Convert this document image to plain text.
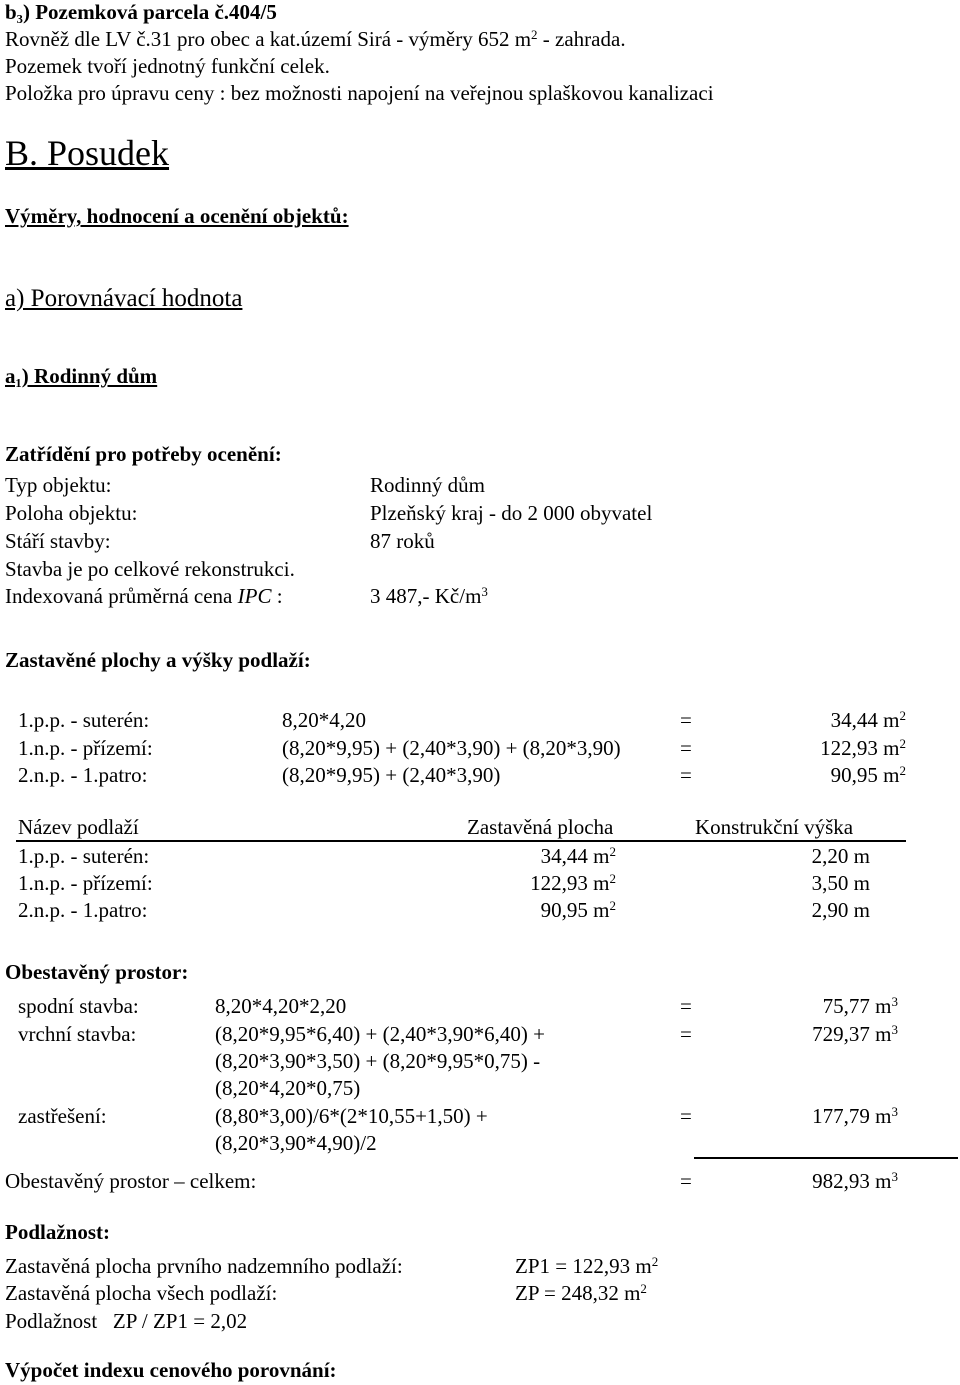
b₃) Pozemková parcela č.404/5
Rovněž dle LV č.31 pro obec a kat.území Sirá - výměry 652 $m^2$ - zahrada.
Pozemek tvoří jednotný funkční celek.
Položka pro úpravu ceny : bez možnosti napojení na veřejnou splaškovou kanalizaci
B. Posudek
Výměry, hodnocení a ocenění objektů:
a) Porovnávací hodnota
a₁) Rodinný dům
Zatřídění pro potřeby ocenění:
Typ objektu:	Rodinný dům
Poloha objektu:	Plzeňský kraj - do 2 000 obyvatel
Stáří stavby:	87 roků
Stavba je po celkové rekonstrukci.
Indexovaná průměrná cena IPC :	3 487,- $Kč/m^3$
Zastavěné plochy a výšky podlaží:
1.p.p. - suterén:	8,20*4,20	=	34,44 $m^2$
1.n.p. - přízemí:	(8,20*9,95) + (2,40*3,90) + (8,20*3,90)	=	122,93 $m^2$
2.n.p. - 1.patro:	(8,20*9,95) + (2,40*3,90)	=	90,95 $m^2$
Název podlaží	Zastavěná plocha	Konstrukční výška
1.p.p. - suterén:	34,44 $m^2$	2,20 m
1.n.p. - přízemí:	122,93 $m^2$	3,50 m
2.n.p. - 1.patro:	90,95 $m^2$	2,90 m
Obestavěný prostor:
spodní stavba:	8,20*4,20*2,20	=	75,77 $m^3$
vrchní stavba:	(8,20*9,95*6,40) + (2,40*3,90*6,40) +
(8,20*3,90*3,50) + (8,20*9,95*0,75) -
(8,20*4,20*0,75)
=	729,37 $m^3$
zastřešení:	(8,80*3,00)/6*(2*10,55+1,50) +
(8,20*3,90*4,90)/2
=	177,79 $m^3$
Obestavěný prostor – celkem:	=	982,93 $m^3$
Podlažnost:
Zastavěná plocha prvního nadzemního podlaží:	ZP1 = 122,93 $m^2$
Zastavěná plocha všech podlaží:	ZP = 248,32 $m^2$
Podlažnost   ZP / ZP1 = 2,02
Výpočet indexu cenového porovnání:
